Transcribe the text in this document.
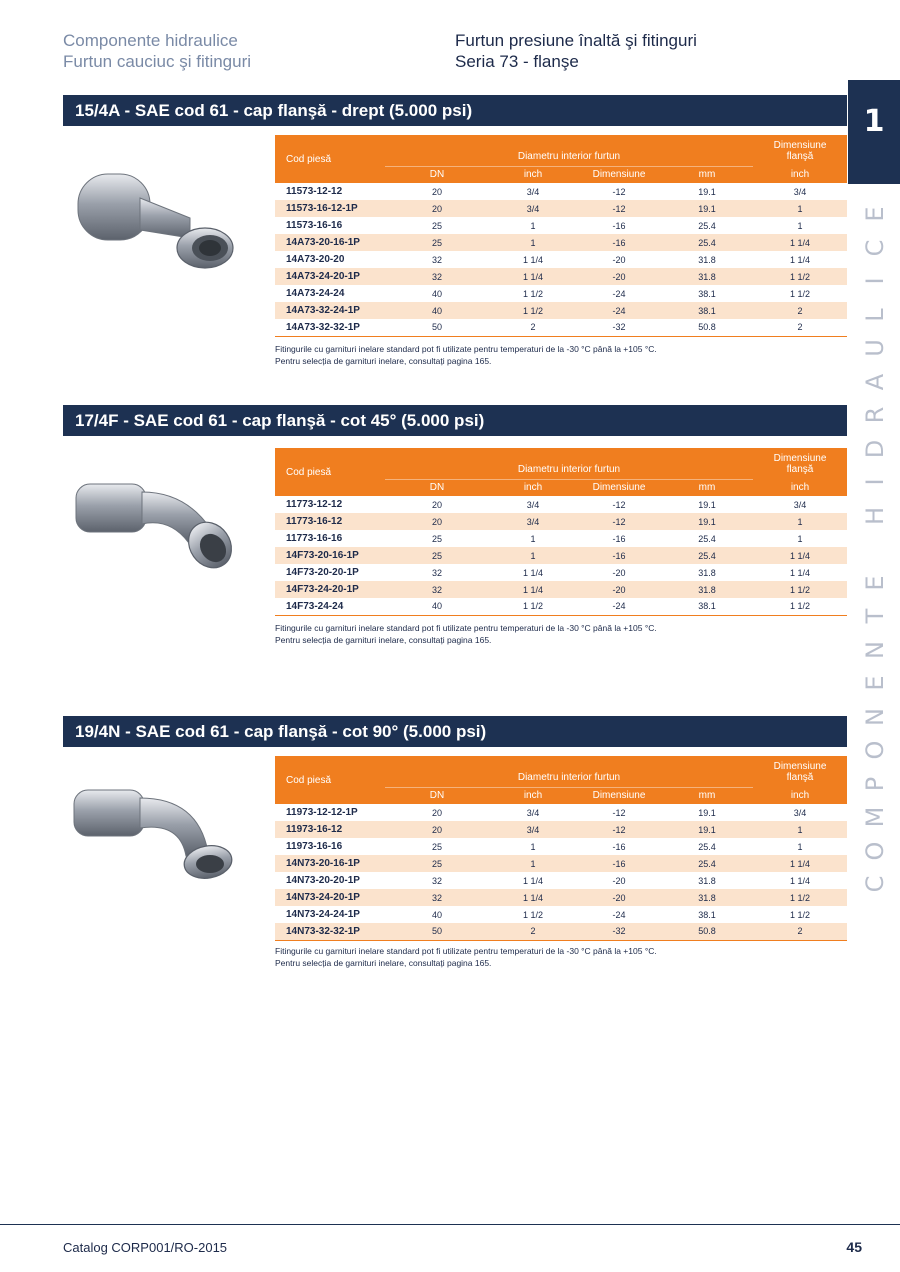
Componente hidraulice
Furtun cauciuc şi fitinguri
Furtun presiune înaltă şi fitinguri
Seria 73 - flanşe
1
C
O
M
P
O
N
E
N
T
E
H
I
D
R
A
U
L
I
C
E
15/4A - SAE cod 61 - cap flanşă - drept (5.000 psi)
Cod piesă	Diametru interior furtun				Dimensiune
flanşă

	DN	inch	Dimensiune	mm	inch
11573-12-12	20	3/4	-12	19.1	3/4
11573-16-12-1P	20	3/4	-12	19.1	1
11573-16-16	25	1	-16	25.4	1
14A73-20-16-1P	25	1	-16	25.4	1 1/4
14A73-20-20	32	1 1/4	-20	31.8	1 1/4
14A73-24-20-1P	32	1 1/4	-20	31.8	1 1/2
14A73-24-24	40	1 1/2	-24	38.1	1 1/2
14A73-32-24-1P	40	1 1/2	-24	38.1	2
14A73-32-32-1P	50	2	-32	50.8	2
Fitingurile cu garnituri inelare standard pot fi utilizate pentru temperaturi de la -30 °C până la +105 °C.
Pentru selecția de garnituri inelare, consultați pagina 165.
17/4F - SAE cod 61 - cap flanşă - cot 45° (5.000 psi)
Cod piesă	Diametru interior furtun				Dimensiune
flanşă

	DN	inch	Dimensiune	mm	inch
11773-12-12	20	3/4	-12	19.1	3/4
11773-16-12	20	3/4	-12	19.1	1
11773-16-16	25	1	-16	25.4	1
14F73-20-16-1P	25	1	-16	25.4	1 1/4
14F73-20-20-1P	32	1 1/4	-20	31.8	1 1/4
14F73-24-20-1P	32	1 1/4	-20	31.8	1 1/2
14F73-24-24	40	1 1/2	-24	38.1	1 1/2
Fitingurile cu garnituri inelare standard pot fi utilizate pentru temperaturi de la -30 °C până la +105 °C.
Pentru selecția de garnituri inelare, consultați pagina 165.
19/4N - SAE cod 61 - cap flanşă - cot 90° (5.000 psi)
Cod piesă	Diametru interior furtun				Dimensiune
flanşă

	DN	inch	Dimensiune	mm	inch
11973-12-12-1P	20	3/4	-12	19.1	3/4
11973-16-12	20	3/4	-12	19.1	1
11973-16-16	25	1	-16	25.4	1
14N73-20-16-1P	25	1	-16	25.4	1 1/4
14N73-20-20-1P	32	1 1/4	-20	31.8	1 1/4
14N73-24-20-1P	32	1 1/4	-20	31.8	1 1/2
14N73-24-24-1P	40	1 1/2	-24	38.1	1 1/2
14N73-32-32-1P	50	2	-32	50.8	2
Fitingurile cu garnituri inelare standard pot fi utilizate pentru temperaturi de la -30 °C până la +105 °C.
Pentru selecția de garnituri inelare, consultați pagina 165.
Catalog CORP001/RO-2015	45
